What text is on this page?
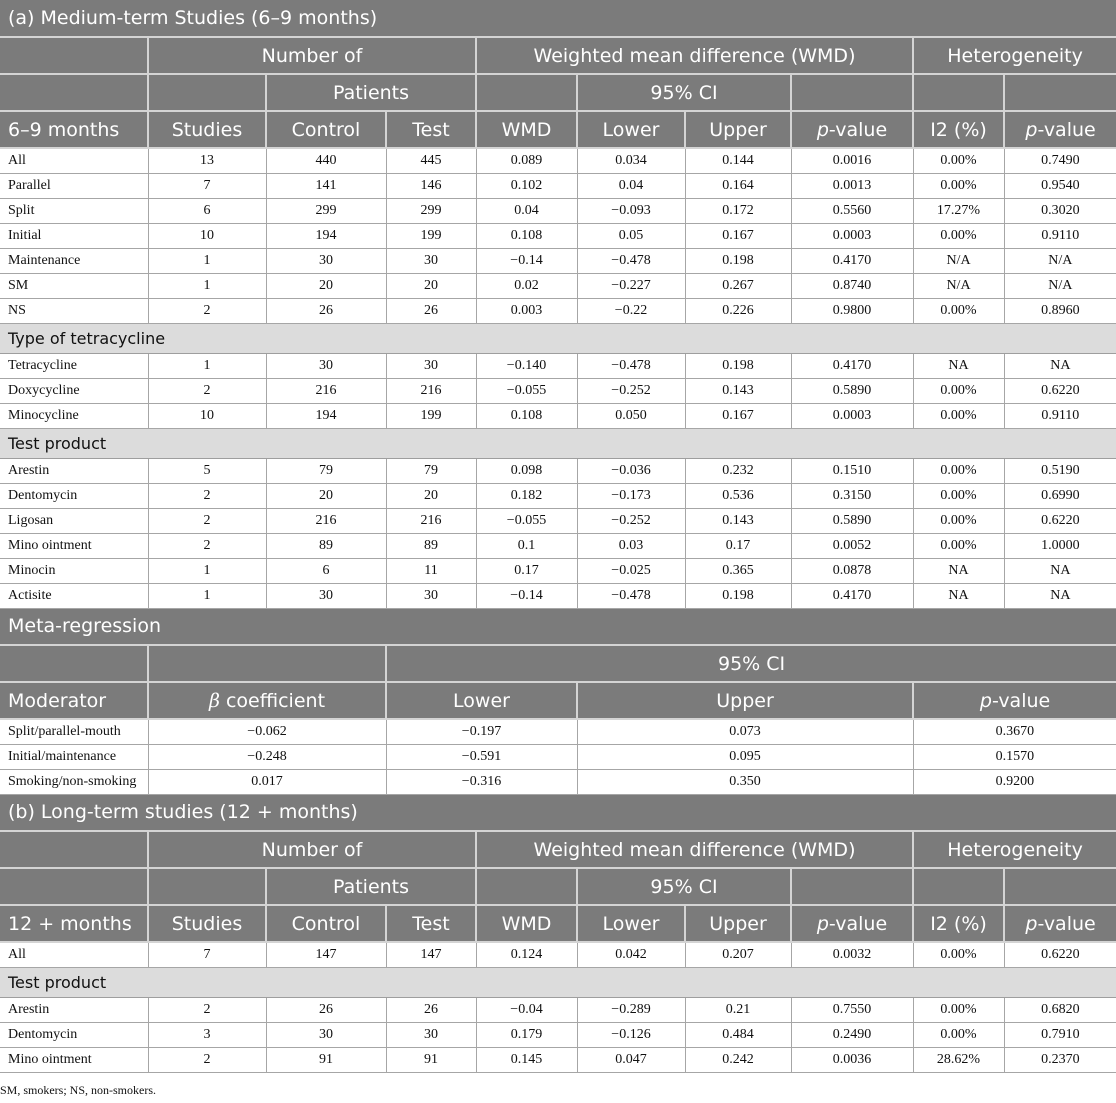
(a) Medium-term Studies (6–9 months)									
	Number of			Weighted mean difference (WMD)				Heterogeneity	
		Patients			95% CI				
6–9 months	Studies	Control	Test	WMD	Lower	Upper	p-value	I2 (%)	p-value
All	13	440	445	0.089	0.034	0.144	0.0016	0.00%	0.7490
Parallel	7	141	146	0.102	0.04	0.164	0.0013	0.00%	0.9540
Split	6	299	299	0.04	−0.093	0.172	0.5560	17.27%	0.3020
Initial	10	194	199	0.108	0.05	0.167	0.0003	0.00%	0.9110
Maintenance	1	30	30	−0.14	−0.478	0.198	0.4170	N/A	N/A
SM	1	20	20	0.02	−0.227	0.267	0.8740	N/A	N/A
NS	2	26	26	0.003	−0.22	0.226	0.9800	0.00%	0.8960
Type of tetracycline									
Tetracycline	1	30	30	−0.140	−0.478	0.198	0.4170	NA	NA
Doxycycline	2	216	216	−0.055	−0.252	0.143	0.5890	0.00%	0.6220
Minocycline	10	194	199	0.108	0.050	0.167	0.0003	0.00%	0.9110
Test product									
Arestin	5	79	79	0.098	−0.036	0.232	0.1510	0.00%	0.5190
Dentomycin	2	20	20	0.182	−0.173	0.536	0.3150	0.00%	0.6990
Ligosan	2	216	216	−0.055	−0.252	0.143	0.5890	0.00%	0.6220
Mino ointment	2	89	89	0.1	0.03	0.17	0.0052	0.00%	1.0000
Minocin	1	6	11	0.17	−0.025	0.365	0.0878	NA	NA
Actisite	1	30	30	−0.14	−0.478	0.198	0.4170	NA	NA
Meta-regression									
			95% CI						
Moderator	β coefficient		Lower		Upper			p-value	
Split/parallel-mouth	−0.062		−0.197		0.073			0.3670	
Initial/maintenance	−0.248		−0.591		0.095			0.1570	
Smoking/non-smoking	0.017		−0.316		0.350			0.9200	
(b) Long-term studies (12 + months)									
	Number of			Weighted mean difference (WMD)				Heterogeneity	
		Patients			95% CI				
12 + months	Studies	Control	Test	WMD	Lower	Upper	p-value	I2 (%)	p-value
All	7	147	147	0.124	0.042	0.207	0.0032	0.00%	0.6220
Test product									
Arestin	2	26	26	−0.04	−0.289	0.21	0.7550	0.00%	0.6820
Dentomycin	3	30	30	0.179	−0.126	0.484	0.2490	0.00%	0.7910
Mino ointment	2	91	91	0.145	0.047	0.242	0.0036	28.62%	0.2370
SM, smokers; NS, non-smokers.
